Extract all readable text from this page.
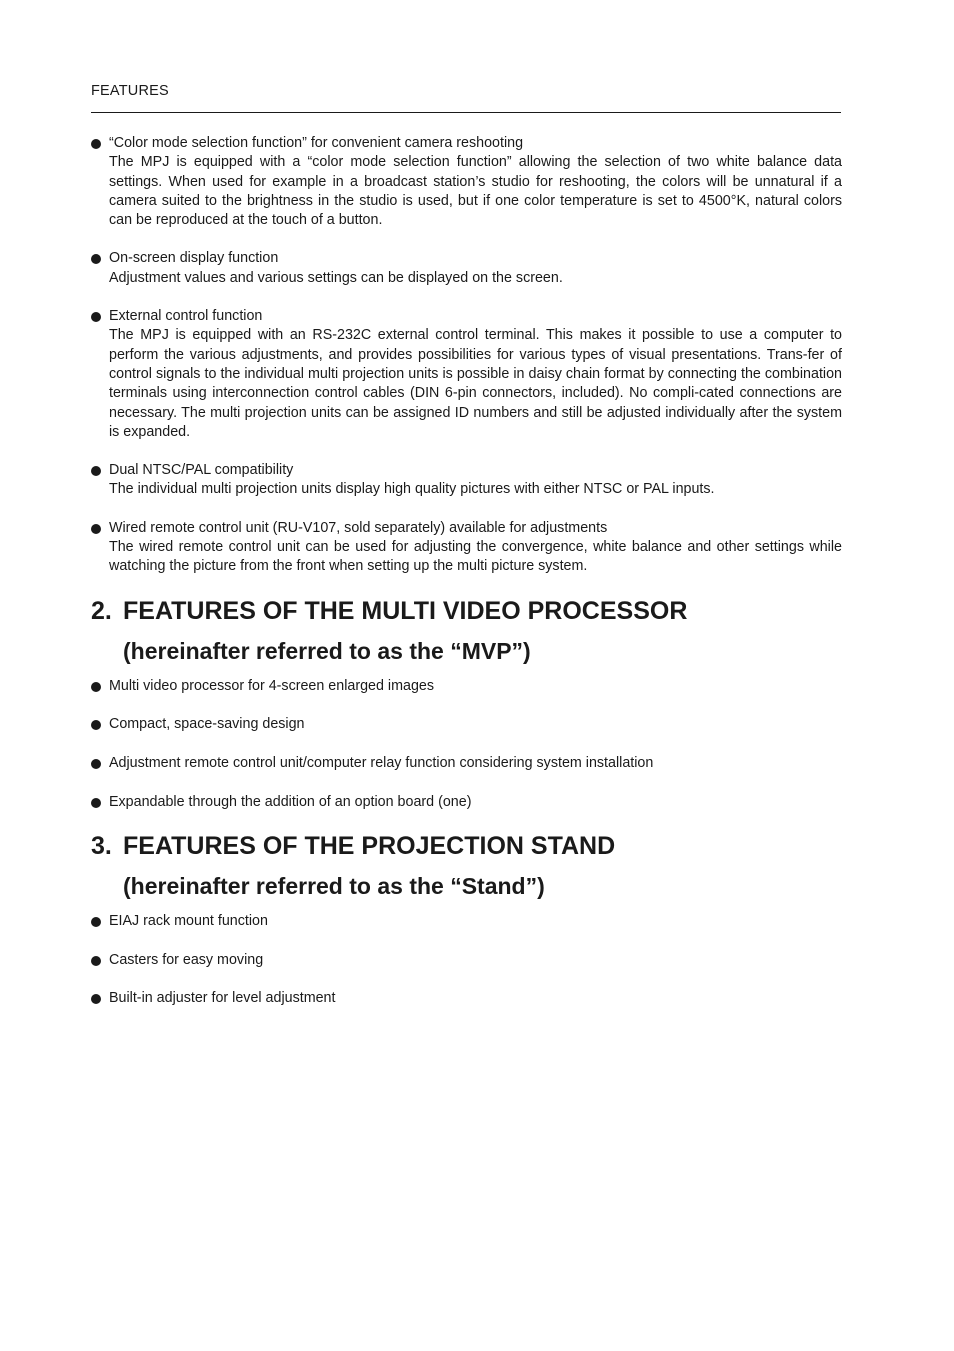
FEATURES
“Color mode selection function” for convenient camera reshooting
The MPJ is equipped with a “color mode selection function” allowing the selection of two white balance data settings. When used for example in a broadcast station’s studio for reshooting, the colors will be unnatural if a camera suited to the brightness in the studio is used, but if one color temperature is set to 4500°K, natural colors can be reproduced at the touch of a button.
On-screen display function
Adjustment values and various settings can be displayed on the screen.
External control function
The MPJ is equipped with an RS-232C external control terminal. This makes it possible to use a computer to perform the various adjustments, and provides possibilities for various types of visual presentations. Trans-fer of control signals to the individual multi projection units is possible in daisy chain format by connecting the combination terminals using interconnection control cables (DIN 6-pin connectors, included). No compli-cated connections are necessary. The multi projection units can be assigned ID numbers and still be adjusted individually after the system is expanded.
Dual NTSC/PAL compatibility
The individual multi projection units display high quality pictures with either NTSC or PAL inputs.
Wired remote control unit (RU-V107, sold separately) available for adjustments
The wired remote control unit can be used for adjusting the convergence, white balance and other settings while watching the picture from the front when setting up the multi picture system.
2. FEATURES OF THE MULTI VIDEO PROCESSOR
(hereinafter referred to as the “MVP”)
Multi video processor for 4-screen enlarged images
Compact, space-saving design
Adjustment remote control unit/computer relay function considering system installation
Expandable through the addition of an option board (one)
3. FEATURES OF THE PROJECTION STAND
(hereinafter referred to as the “Stand”)
EIAJ rack mount function
Casters for easy moving
Built-in adjuster for level adjustment
